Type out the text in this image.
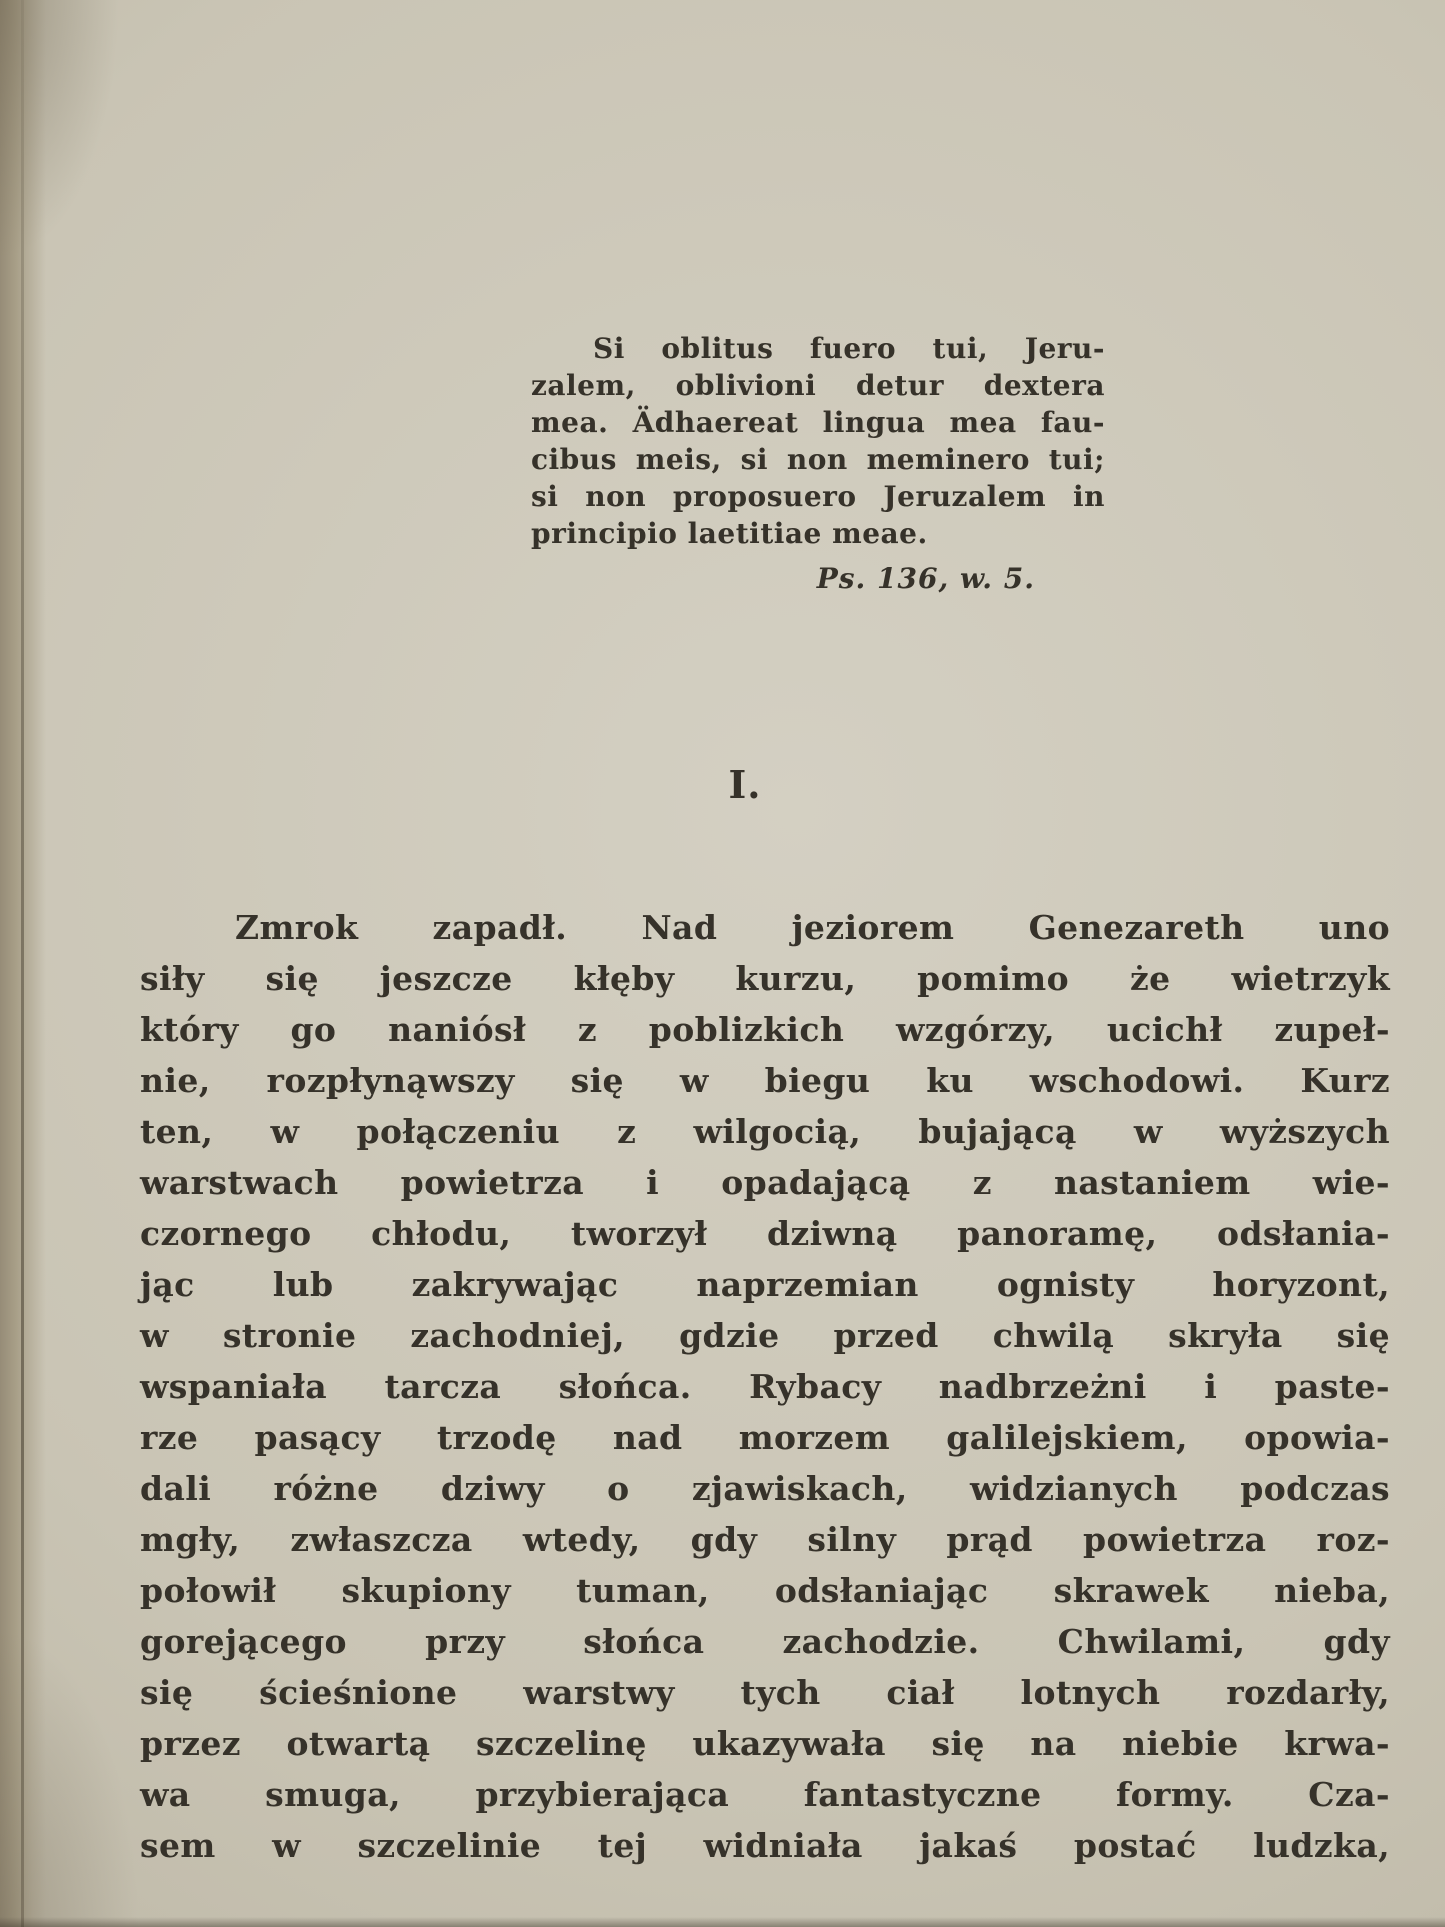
Si oblitus fuero tui, Jeru-
zalem, oblivioni detur dextera
mea. Ädhaereat lingua mea fau-
cibus meis, si non meminero tui;
si non proposuero Jeruzalem in
principio laetitiae meae.
Ps. 136, w. 5.
I.
Zmrok zapadł. Nad jeziorem Genezareth uno
siły się jeszcze kłęby kurzu, pomimo że wietrzyk
który go naniósł z poblizkich wzgórzy, ucichł zupeł-
nie, rozpłynąwszy się w biegu ku wschodowi. Kurz
ten, w połączeniu z wilgocią, bujającą w wyższych
warstwach powietrza i opadającą z nastaniem wie-
czornego chłodu, tworzył dziwną panoramę, odsłania-
jąc lub zakrywając naprzemian ognisty horyzont,
w stronie zachodniej, gdzie przed chwilą skryła się
wspaniała tarcza słońca. Rybacy nadbrzeżni i paste-
rze pasący trzodę nad morzem galilejskiem, opowia-
dali różne dziwy o zjawiskach, widzianych podczas
mgły, zwłaszcza wtedy, gdy silny prąd powietrza roz-
połowił skupiony tuman, odsłaniając skrawek nieba,
gorejącego przy słońca zachodzie. Chwilami, gdy
się ścieśnione warstwy tych ciał lotnych rozdarły,
przez otwartą szczelinę ukazywała się na niebie krwa-
wa smuga, przybierająca fantastyczne formy. Cza-
sem w szczelinie tej widniała jakaś postać ludzka,
